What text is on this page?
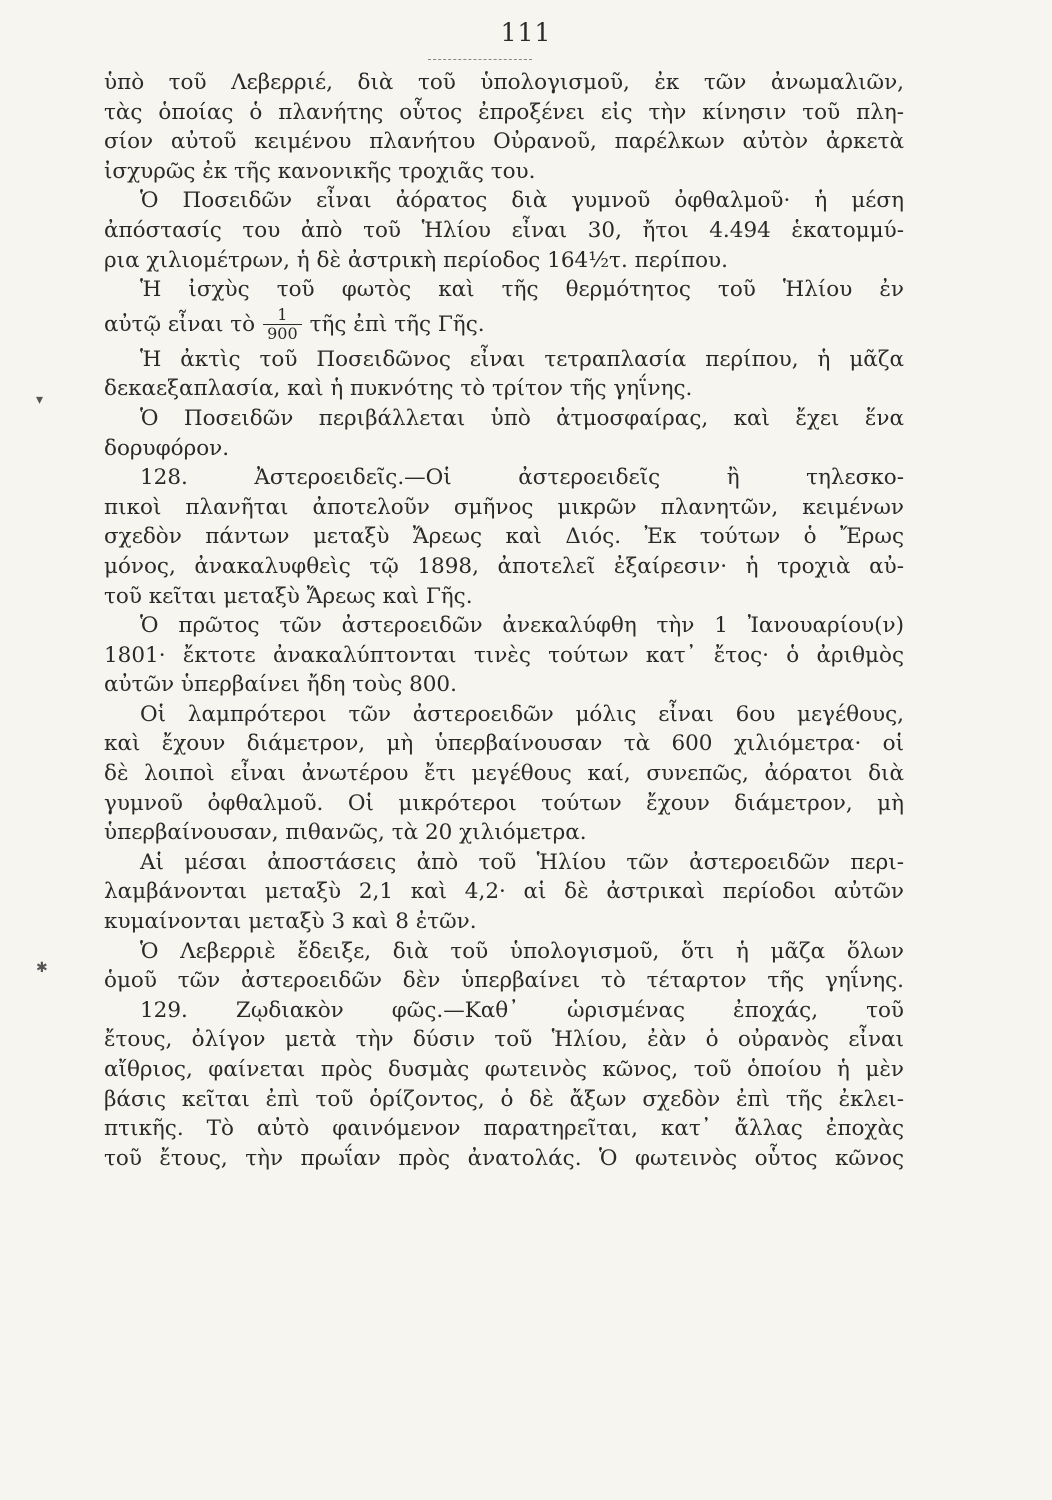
111
ὑπὸ τοῦ Λεβερριέ, διὰ τοῦ ὑπολογισμοῦ, ἐκ τῶν ἀνωμαλιῶν,
τὰς ὁποίας ὁ πλανήτης οὗτος ἐπροξένει εἰς τὴν κίνησιν τοῦ πλη-
σίον αὐτοῦ κειμένου πλανήτου Οὐρανοῦ, παρέλκων αὐτὸν ἀρκετὰ
ἰσχυρῶς ἐκ τῆς κανονικῆς τροχιᾶς του.
Ὁ Ποσειδῶν εἶναι ἀόρατος διὰ γυμνοῦ ὀφθαλμοῦ· ἡ μέση
ἀπόστασίς του ἀπὸ τοῦ Ἡλίου εἶναι 30, ἤτοι 4.494 ἑκατομμύ-
ρια χιλιομέτρων, ἡ δὲ ἀστρικὴ περίοδος 164½τ. περίπου.
Ἡ ἰσχὺς τοῦ φωτὸς καὶ τῆς θερμότητος τοῦ Ἡλίου ἐν
αὐτῷ εἶναι τὸ $\frac{1}{900}$ τῆς ἐπὶ τῆς Γῆς.
Ἡ ἀκτὶς τοῦ Ποσειδῶνος εἶναι τετραπλασία περίπου, ἡ μᾶζα
δεκαεξαπλασία, καὶ ἡ πυκνότης τὸ τρίτον τῆς γηΐνης.
Ὁ Ποσειδῶν περιβάλλεται ὑπὸ ἀτμοσφαίρας, καὶ ἔχει ἕνα
δορυφόρον.
128. Ἀστεροειδεῖς.—Οἱ ἀστεροειδεῖς ἢ τηλεσκο-
πικοὶ πλανῆται ἀποτελοῦν σμῆνος μικρῶν πλανητῶν, κειμένων
σχεδὸν πάντων μεταξὺ Ἄρεως καὶ Διός. Ἐκ τούτων ὁ Ἔρως
μόνος, ἀνακαλυφθεὶς τῷ 1898, ἀποτελεῖ ἐξαίρεσιν· ἡ τροχιὰ αὐ-
τοῦ κεῖται μεταξὺ Ἄρεως καὶ Γῆς.
Ὁ πρῶτος τῶν ἀστεροειδῶν ἀνεκαλύφθη τὴν 1 Ἰανουαρίου(ν)
1801· ἔκτοτε ἀνακαλύπτονται τινὲς τούτων κατ᾽ ἔτος· ὁ ἀριθμὸς
αὐτῶν ὑπερβαίνει ἤδη τοὺς 800.
Οἱ λαμπρότεροι τῶν ἀστεροειδῶν μόλις εἶναι 6ου μεγέθους,
καὶ ἔχουν διάμετρον, μὴ ὑπερβαίνουσαν τὰ 600 χιλιόμετρα· οἱ
δὲ λοιποὶ εἶναι ἀνωτέρου ἔτι μεγέθους καί, συνεπῶς, ἀόρατοι διὰ
γυμνοῦ ὀφθαλμοῦ. Οἱ μικρότεροι τούτων ἔχουν διάμετρον, μὴ
ὑπερβαίνουσαν, πιθανῶς, τὰ 20 χιλιόμετρα.
Αἱ μέσαι ἀποστάσεις ἀπὸ τοῦ Ἡλίου τῶν ἀστεροειδῶν περι-
λαμβάνονται μεταξὺ 2,1 καὶ 4,2· αἱ δὲ ἀστρικαὶ περίοδοι αὐτῶν
κυμαίνονται μεταξὺ 3 καὶ 8 ἐτῶν.
Ὁ Λεβερριὲ ἔδειξε, διὰ τοῦ ὑπολογισμοῦ, ὅτι ἡ μᾶζα ὅλων
ὁμοῦ τῶν ἀστεροειδῶν δὲν ὑπερβαίνει τὸ τέταρτον τῆς γηΐνης.
129. Ζῳδιακὸν φῶς.—Καθ᾽ ὡρισμένας ἐποχάς, τοῦ
ἔτους, ὀλίγον μετὰ τὴν δύσιν τοῦ Ἡλίου, ἐὰν ὁ οὐρανὸς εἶναι
αἴθριος, φαίνεται πρὸς δυσμὰς φωτεινὸς κῶνος, τοῦ ὁποίου ἡ μὲν
βάσις κεῖται ἐπὶ τοῦ ὁρίζοντος, ὁ δὲ ἄξων σχεδὸν ἐπὶ τῆς ἐκλει-
πτικῆς. Τὸ αὐτὸ φαινόμενον παρατηρεῖται, κατ᾽ ἄλλας ἐποχὰς
τοῦ ἔτους, τὴν πρωΐαν πρὸς ἀνατολάς. Ὁ φωτεινὸς οὗτος κῶνος
▾
✱
